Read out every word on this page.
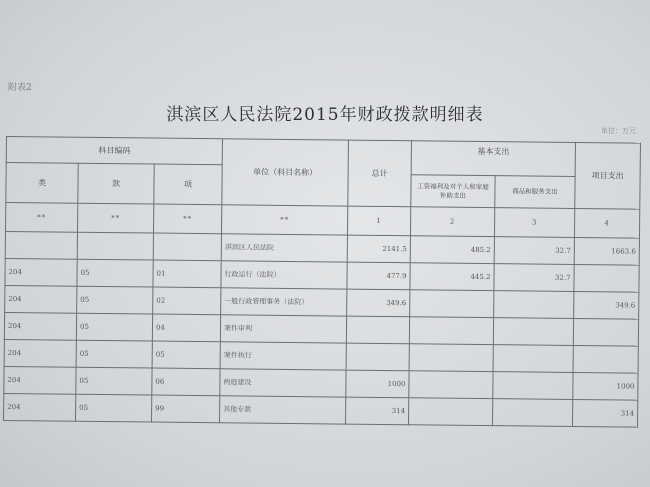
附表2
淇滨区人民法院2015年财政拨款明细表
单位：万元
科目编码			单位（科目名称）	总计	基本支出		项目支出
类	款	项					
					工资福利及对个人和家庭补助支出	商品和服务支出	
**	**	**	**	1	2	3	4
			淇滨区人民法院	2141.5	485.2	32.7	1663.6
204	05	01	行政运行（法院）	477.9	445.2	32.7	
204	05	02	一般行政管理事务（法院）	349.6			349.6
204	05	04	案件审判				
204	05	05	案件执行				
204	05	06	两庭建设	1000			1000
204	05	99	其他专款	314			314
